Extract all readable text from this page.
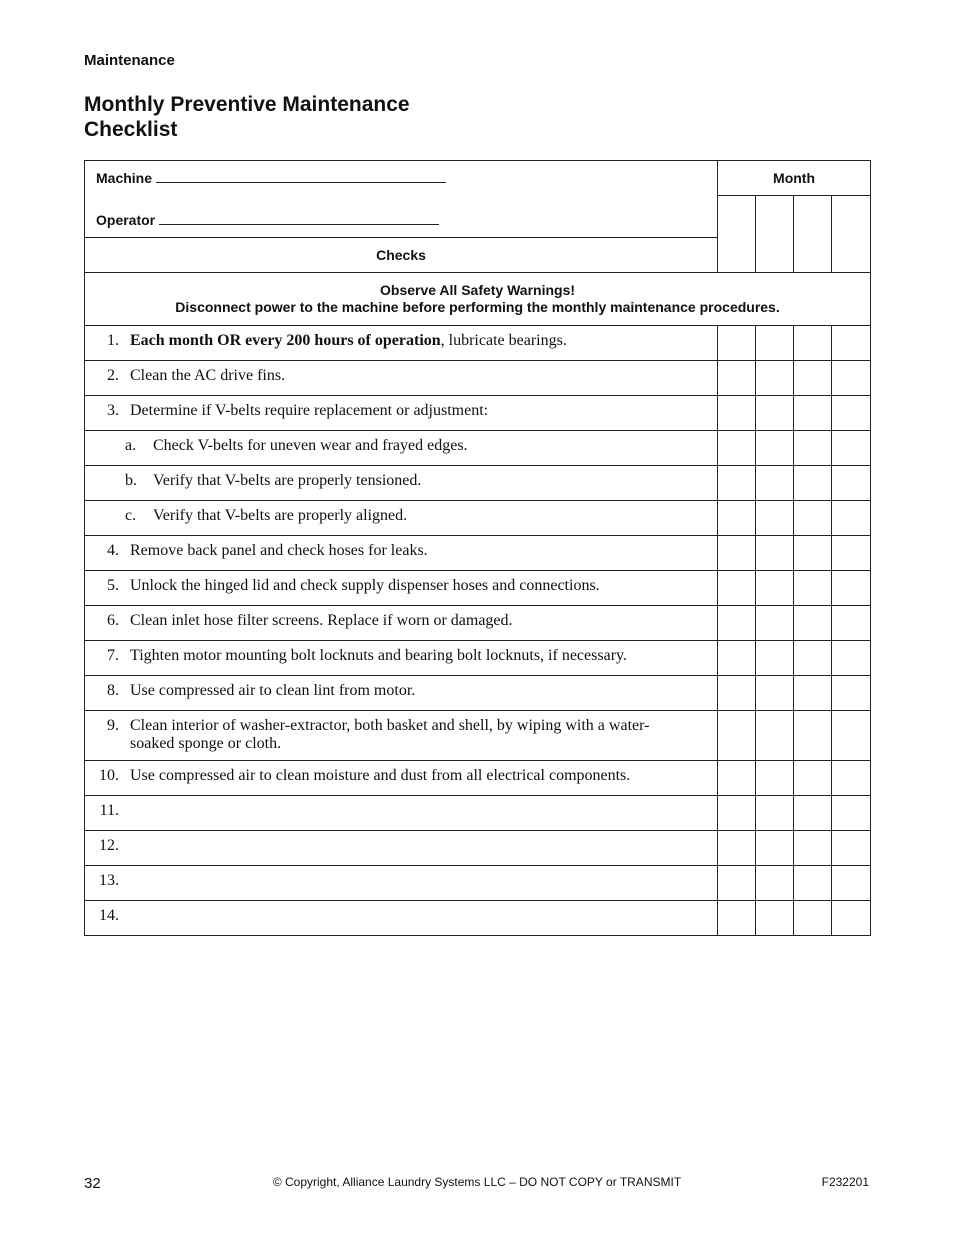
Maintenance
Monthly Preventive Maintenance
Checklist
Machine
Operator	Month			

Checks				

Observe All Safety Warnings!
Disconnect power to the machine before performing the monthly maintenance procedures.				

1. Each month OR every 200 hours of operation, lubricate bearings.				

2. Clean the AC drive fins.				

3. Determine if V-belts require replacement or adjustment:				

a. Check V-belts for uneven wear and frayed edges.				

b. Verify that V-belts are properly tensioned.				

c. Verify that V-belts are properly aligned.				

4. Remove back panel and check hoses for leaks.				

5. Unlock the hinged lid and check supply dispenser hoses and connections.				

6. Clean inlet hose filter screens. Replace if worn or damaged.				

7. Tighten motor mounting bolt locknuts and bearing bolt locknuts, if necessary.				

8. Use compressed air to clean lint from motor.				

9. Clean interior of washer-extractor, both basket and shell, by wiping with a water-soaked sponge or cloth.				

10. Use compressed air to clean moisture and dust from all electrical components.				

11.				

12.				

13.				

14.				

32	© Copyright, Alliance Laundry Systems LLC – DO NOT COPY or TRANSMIT	F232201
